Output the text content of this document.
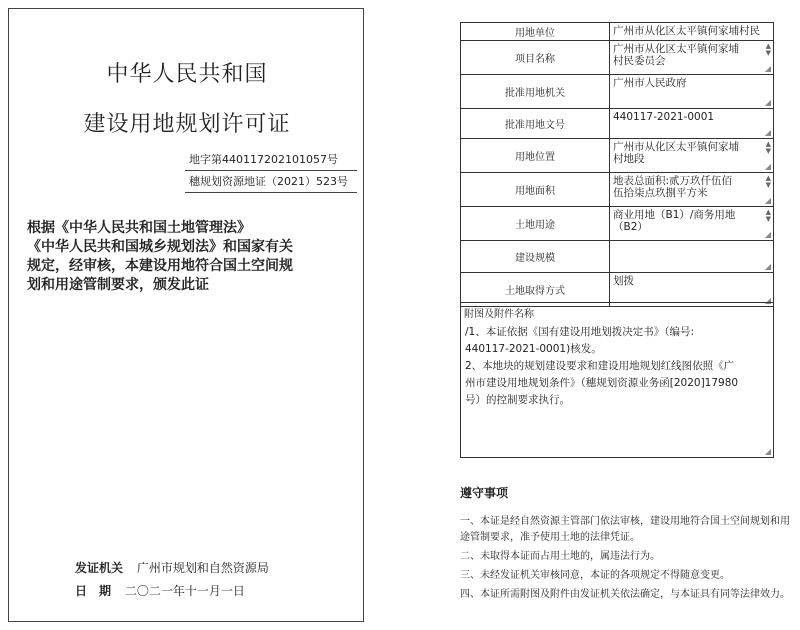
中华人民共和国
建设用地规划许可证
地字第440117202101057号
穗规划资源地证（2021）523号
根据《中华人民共和国土地管理法》
《中华人民共和国城乡规划法》和国家有关
规定，经审核，本建设用地符合国土空间规
划和用途管制要求，颁发此证
发证机关 广州市规划和自然资源局
日　期 二〇二一年十一月一日
用地单位	广州市从化区太平镇何家埔村民

项目名称	广州市从化区太平镇何家埔
村民委员会
▲
▼
◢

批准用地机关	广州市人民政府
◢

批准用地文号	440117-2021-0001
◢

用地位置	广州市从化区太平镇何家埔
村地段
▲
▼
◢

用地面积	地表总面积:贰万玖仟伍佰
伍拾柒点玖捌平方米
▲
▼
◢

土地用途	商业用地（B1）/商务用地
（B2）
▲
▼
◢

建设规模	◢

土地取得方式	划拨
◢
附图及附件名称
/1、本证依据《国有建设用地划拨决定书》（编号:
440117-2021-0001)核发。
2、本地块的规划建设要求和建设用地规划红线图依照《广
州市建设用地规划条件》（穗规划资源业务函[2020]17980
号）的控制要求执行。
◢
遵守事项

一、本证是经自然资源主管部门依法审核，建设用地符合国土空间规划和用途管制要求，准予使用土地的法律凭证。

二、未取得本证而占用土地的，属违法行为。

三、未经发证机关审核同意，本证的各项规定不得随意变更。

四、本证所需附图及附件由发证机关依法确定，与本证具有同等法律效力。
